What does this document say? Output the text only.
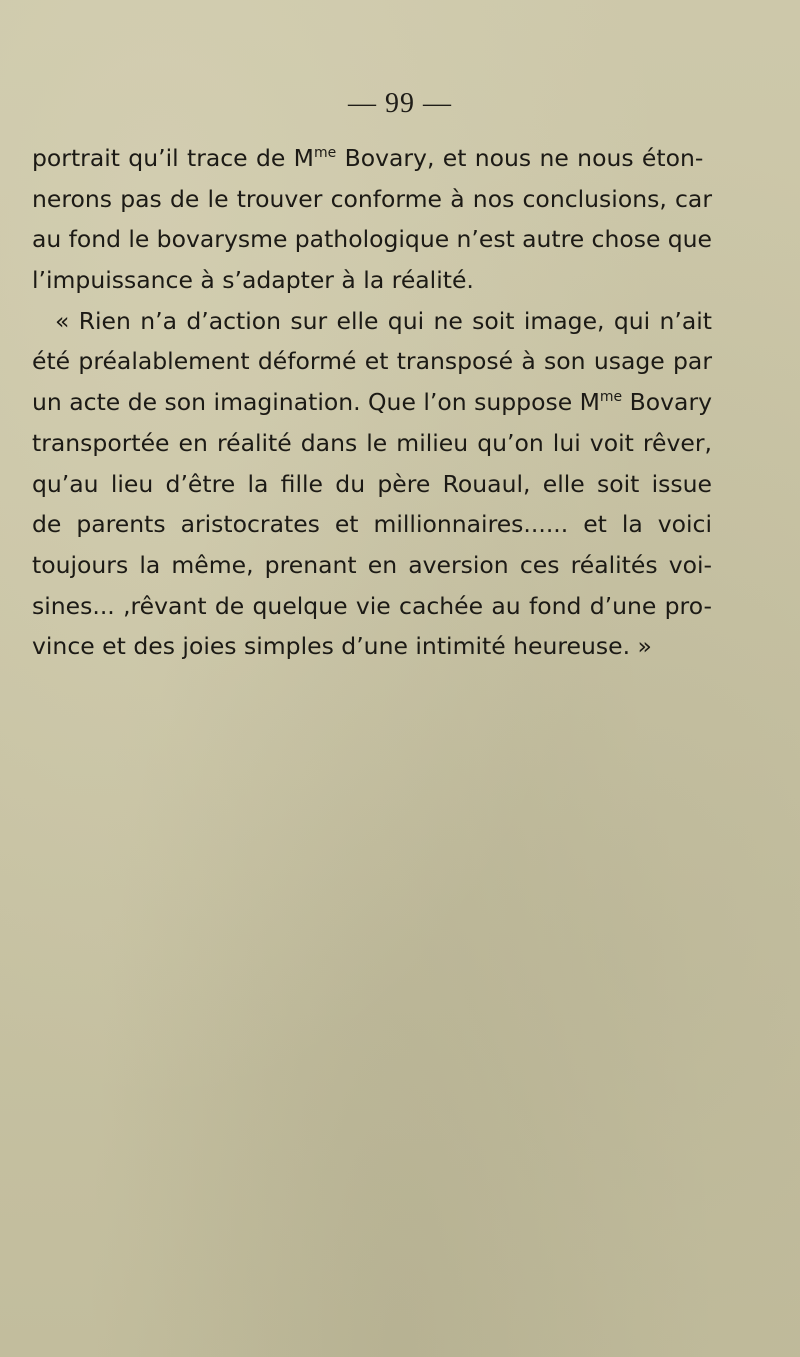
— 99 —
portrait qu’il trace de $M^{me}$ Bovary, et nous ne nous éton-
nerons pas de le trouver conforme à nos conclusions, car
au fond le bovarysme pathologique n’est autre chose que
l’impuissance à s’adapter à la réalité.
« Rien n’a d’action sur elle qui ne soit image, qui n’ait
été préalablement déformé et transposé à son usage par
un acte de son imagination. Que l’on suppose $M^{me}$ Bovary
transportée en réalité dans le milieu qu’on lui voit rêver,
qu’au lieu d’être la fille du père Rouaul, elle soit issue
de parents aristocrates et millionnaires...... et la voici
toujours la même, prenant en aversion ces réalités voi-
sines... ,rêvant de quelque vie cachée au fond d’une pro-
vince et des joies simples d’une intimité heureuse. »
